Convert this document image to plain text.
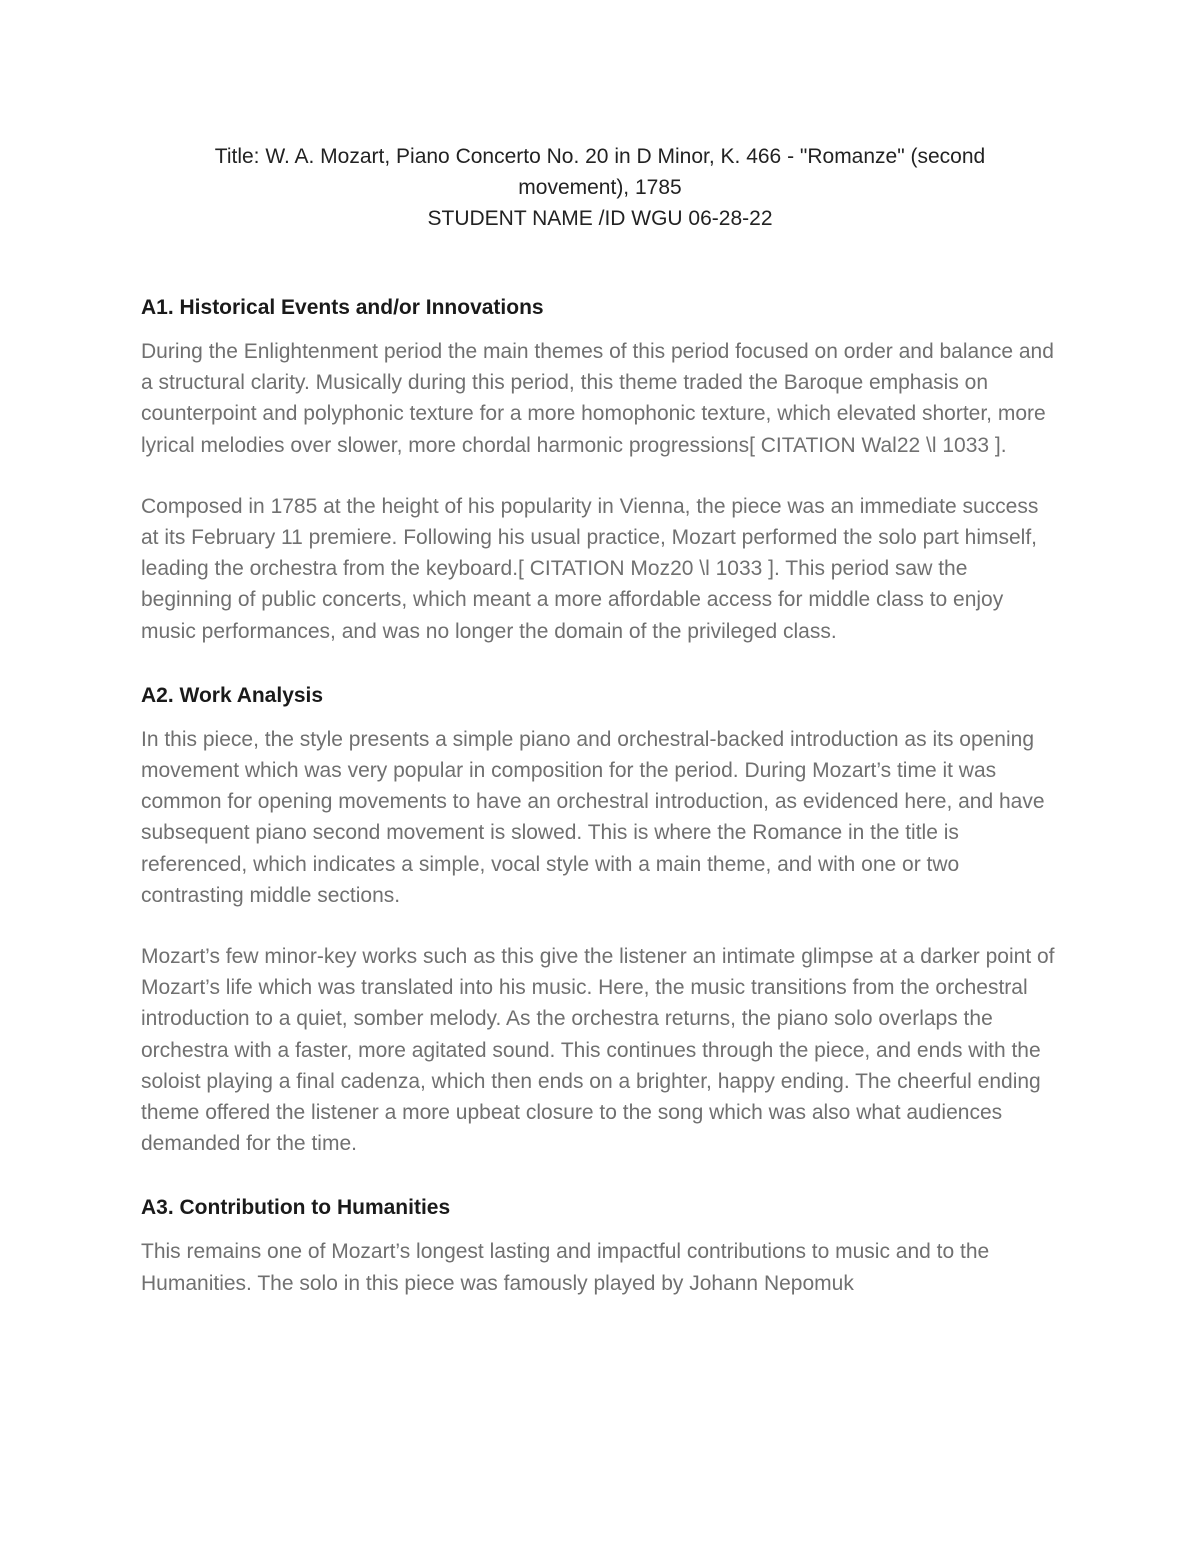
Title: W. A. Mozart, Piano Concerto No. 20 in D Minor, K. 466 - "Romanze" (second
movement), 1785
STUDENT NAME /ID WGU 06-28-22
A1. Historical Events and/or Innovations

During the Enlightenment period the main themes of this period focused on order and balance and a structural clarity. Musically during this period, this theme traded the Baroque emphasis on counterpoint and polyphonic texture for a more homophonic texture, which elevated shorter, more lyrical melodies over slower, more chordal harmonic progressions[ CITATION Wal22 \l 1033 ].

Composed in 1785 at the height of his popularity in Vienna, the piece was an immediate success at its February 11 premiere. Following his usual practice, Mozart performed the solo part himself, leading the orchestra from the keyboard.[ CITATION Moz20 \l 1033 ]. This period saw the beginning of public concerts, which meant a more affordable access for middle class to enjoy music performances, and was no longer the domain of the privileged class.

A2. Work Analysis

In this piece, the style presents a simple piano and orchestral-backed introduction as its opening movement which was very popular in composition for the period. During Mozart’s time it was common for opening movements to have an orchestral introduction, as evidenced here, and have subsequent piano second movement is slowed. This is where the Romance in the title is referenced, which indicates a simple, vocal style with a main theme, and with one or two contrasting middle sections.

Mozart’s few minor-key works such as this give the listener an intimate glimpse at a darker point of Mozart’s life which was translated into his music. Here, the music transitions from the orchestral introduction to a quiet, somber melody. As the orchestra returns, the piano solo overlaps the orchestra with a faster, more agitated sound. This continues through the piece, and ends with the soloist playing a final cadenza, which then ends on a brighter, happy ending. The cheerful ending theme offered the listener a more upbeat closure to the song which was also what audiences demanded for the time.

A3. Contribution to Humanities

This remains one of Mozart’s longest lasting and impactful contributions to music and to the Humanities. The solo in this piece was famously played by Johann Nepomuk
